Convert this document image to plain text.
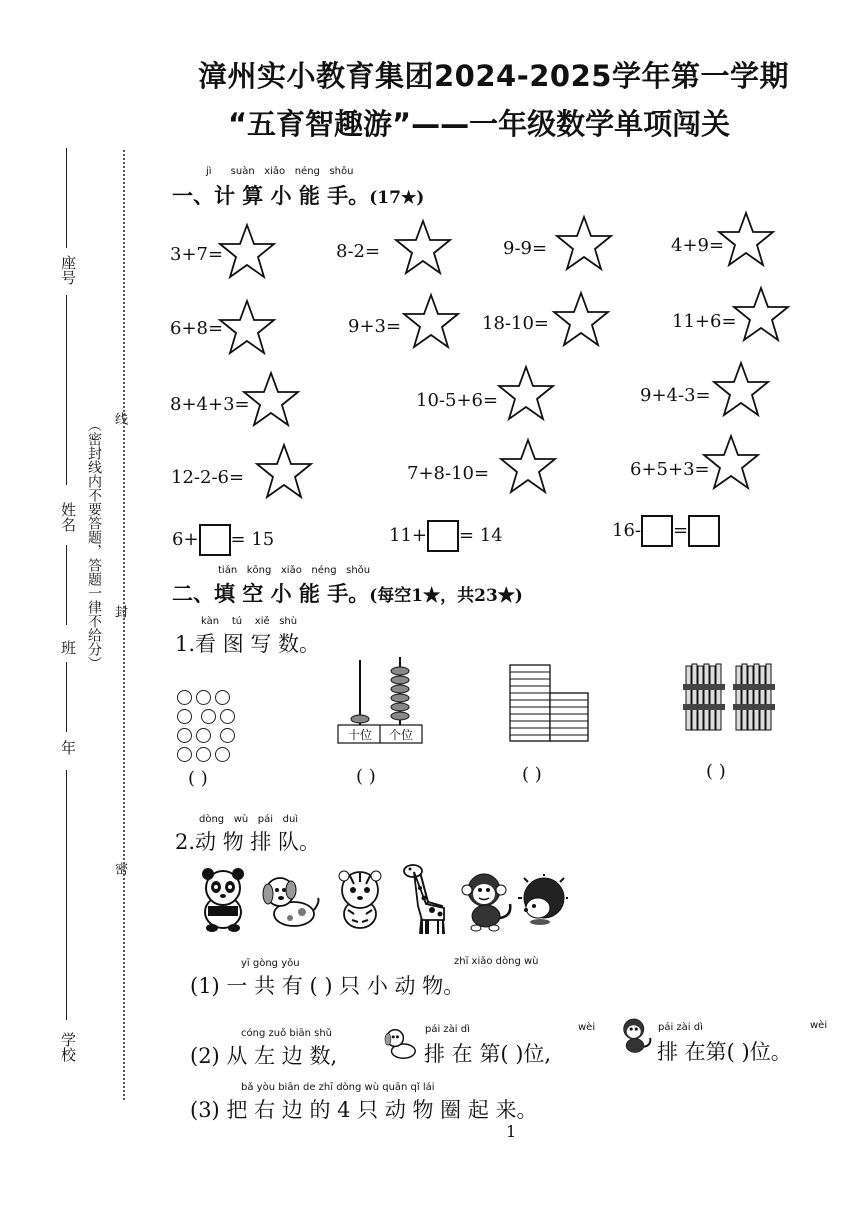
漳州实小教育集团2024-2025学年第一学期
“五育智趣游”——一年级数学单项闯关
座号
姓名
班
年
学校
（密封线内不要答题，答题一律不给分） 线
封
密
jì suàn xiǎo néng shǒu
一、计 算 小 能 手。(17★)
3+7=	8-2=	9-9=	4+9=
6+8=	9+3=	18-10=	11+6=
8+4+3=	10-5+6=	9+4-3=
12-2-6=	7+8-10=	6+5+3=
6+ = 15	11+ = 14	16- =
tián kōng xiǎo néng shǒu
二、填 空 小 能 手。(每空1★，共23★)
kàn tú xiě shù
1.看 图 写 数。

十位	个位
( )	( )	( )	( )
dòng wù pái duì
2.动 物 排 队。
yī gòng yǒu	zhī xiǎo dòng wù
(1) 一 共 有 ( ) 只 小 动 物。
cóng zuǒ biān shǔ	pái zài dì	wèi	pái zài dì	wèi
(2) 从 左 边 数,	排 在 第( )位,	排 在第( )位。
bǎ yòu biān de zhī dòng wù quān qǐ lái
(3) 把 右 边 的 4 只 动 物 圈 起 来。
1
